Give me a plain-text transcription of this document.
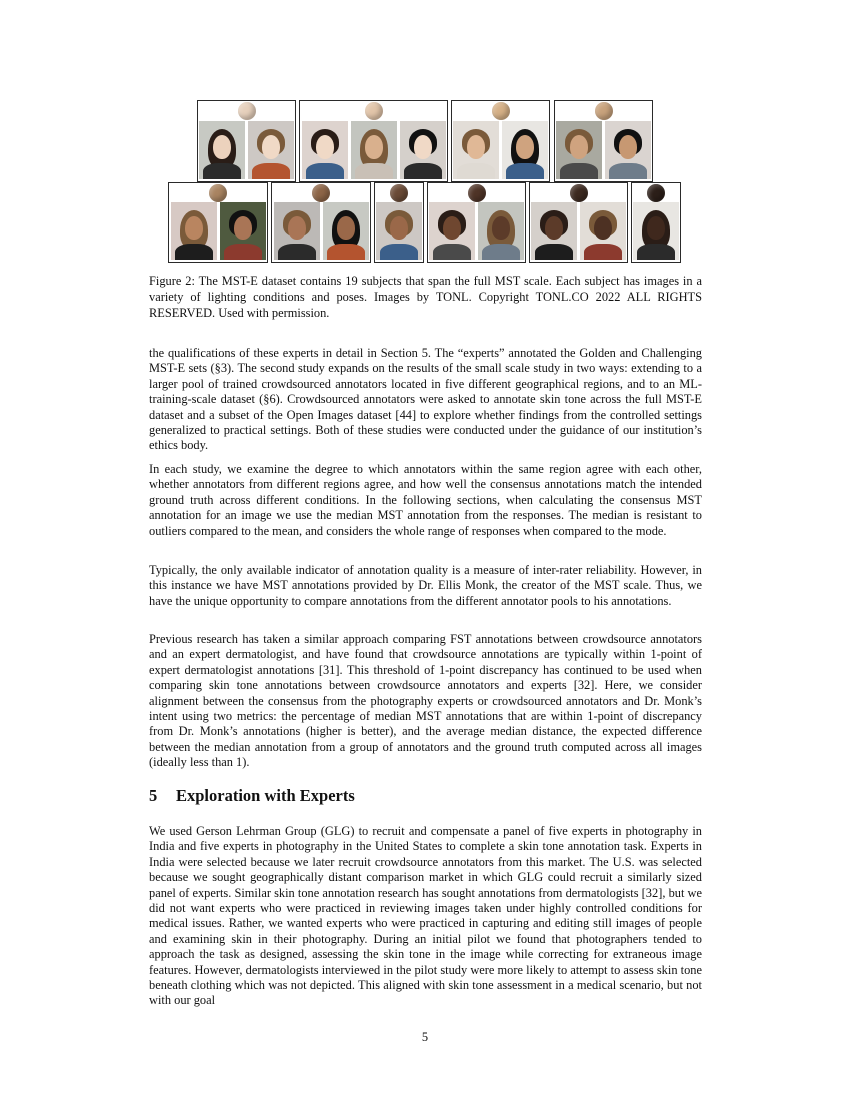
Figure 2: The MST-E dataset contains 19 subjects that span the full MST scale. Each subject has images in a variety of lighting conditions and poses. Images by TONL. Copyright TONL.CO 2022 ALL RIGHTS RESERVED. Used with permission.

the qualifications of these experts in detail in Section 5. The “experts” annotated the Golden and Challenging MST-E sets (§3). The second study expands on the results of the small scale study in two ways: extending to a larger pool of trained crowdsourced annotators located in five different geographical regions, and to an ML-training-scale dataset (§6). Crowdsourced annotators were asked to annotate skin tone across the full MST-E dataset and a subset of the Open Images dataset [44] to explore whether findings from the controlled settings generalized to practical settings. Both of these studies were conducted under the guidance of our institution’s ethics body.

In each study, we examine the degree to which annotators within the same region agree with each other, whether annotators from different regions agree, and how well the consensus annotations match the intended ground truth across different conditions. In the following sections, when calculating the consensus MST annotation for an image we use the median MST annotation from the responses. The median is resistant to outliers compared to the mean, and considers the whole range of responses when compared to the mode.

Typically, the only available indicator of annotation quality is a measure of inter-rater reliability. However, in this instance we have MST annotations provided by Dr. Ellis Monk, the creator of the MST scale. Thus, we have the unique opportunity to compare annotations from the different annotator pools to his annotations.

Previous research has taken a similar approach comparing FST annotations between crowdsource annotators and an expert dermatologist, and have found that crowdsource annotations are typically within 1-point of expert dermatologist annotations [31]. This threshold of 1-point discrepancy has continued to be used when comparing skin tone annotations between crowdsource annotators and experts [32]. Here, we consider alignment between the consensus from the photography experts or crowdsourced annotators and Dr. Monk’s intent using two metrics: the percentage of median MST annotations that are within 1-point of discrepancy from Dr. Monk’s annotations (higher is better), and the average median distance, the expected difference between the median annotation from a group of annotators and the ground truth computed across all images (ideally less than 1).

5 Exploration with Experts

We used Gerson Lehrman Group (GLG) to recruit and compensate a panel of five experts in photography in India and five experts in photography in the United States to complete a skin tone annotation task. Experts in India were selected because we later recruit crowdsource annotators from this market. The U.S. was selected because we sought geographically distant comparison market in which GLG could recruit a similarly sized panel of experts. Similar skin tone annotation research has sought annotations from dermatologists [32], but we did not want experts who were practiced in reviewing images taken under highly controlled conditions for medical issues. Rather, we wanted experts who were practiced in capturing and editing still images of people and examining skin in their photography. During an initial pilot we found that photographers tended to approach the task as designed, assessing the skin tone in the image while correcting for extraneous image features. However, dermatologists interviewed in the pilot study were more likely to attempt to assess skin tone beneath clothing which was not depicted. This aligned with skin tone assessment in a medical scenario, but not with our goal

5
